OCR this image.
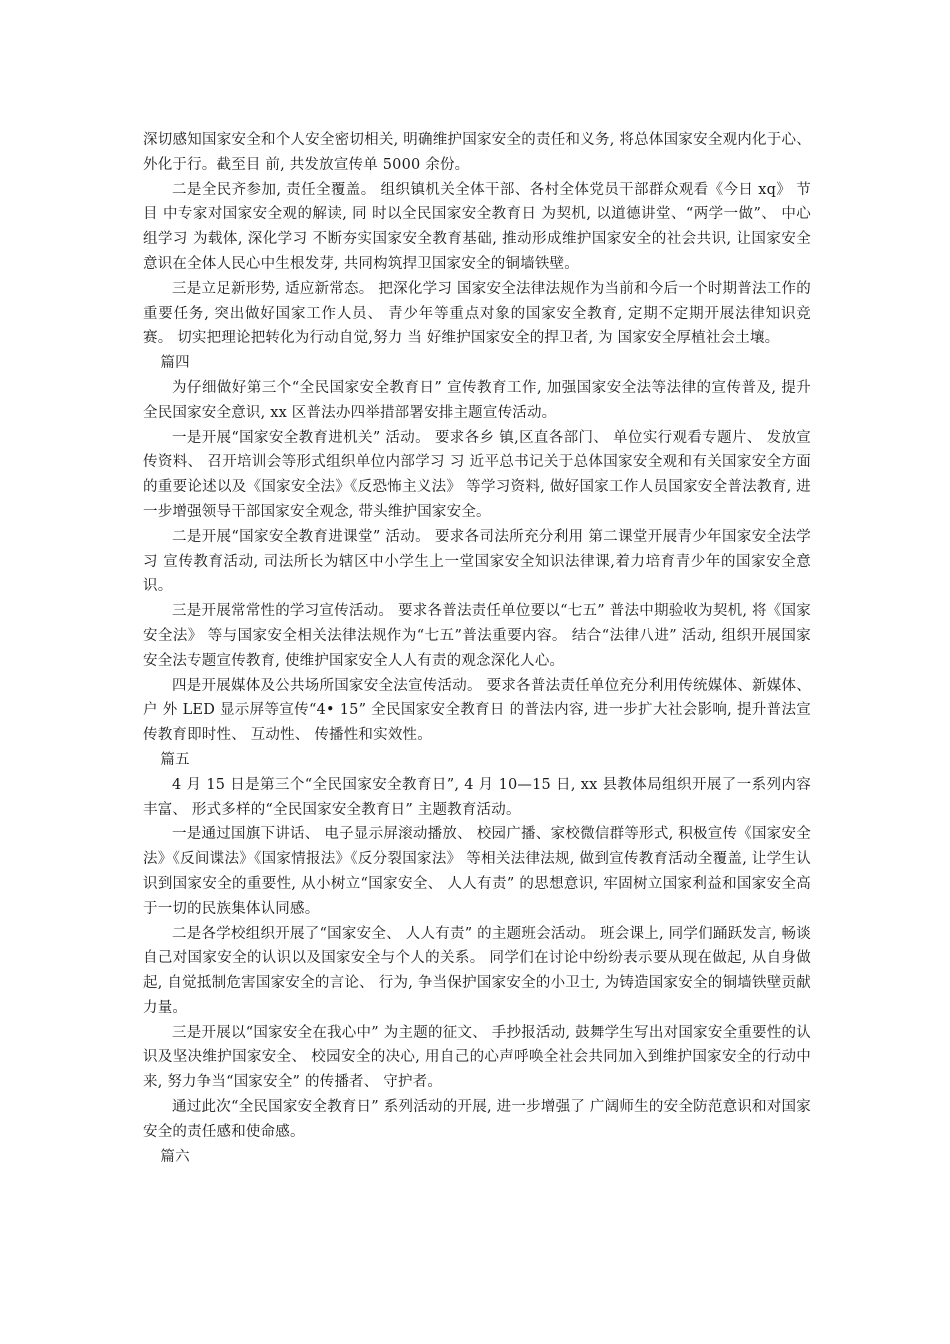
深切感知国家安全和个人安全密切相关, 明确维护国家安全的责任和义务, 将总体国家安全观内化于心、 外化于行。截至目 前, 共发放宣传单 5000 余份。

二是全民齐参加, 责任全覆盖。 组织镇机关全体干部、各村全体党员干部群众观看《今日 xq》 节目 中专家对国家安全观的解读, 同 时以全民国家安全教育日 为契机, 以道德讲堂、“两学一做”、 中心组学习 为载体, 深化学习 不断夯实国家安全教育基础, 推动形成维护国家安全的社会共识, 让国家安全意识在全体人民心中生根发芽, 共同构筑捍卫国家安全的铜墙铁壁。

三是立足新形势, 适应新常态。 把深化学习 国家安全法律法规作为当前和今后一个时期普法工作的重要任务, 突出做好国家工作人员、 青少年等重点对象的国家安全教育, 定期不定期开展法律知识竞赛。 切实把理论把转化为行动自觉,努力 当 好维护国家安全的捍卫者, 为 国家安全厚植社会土壤。

篇四

为仔细做好第三个“全民国家安全教育日” 宣传教育工作, 加强国家安全法等法律的宣传普及, 提升全民国家安全意识, xx 区普法办四举措部署安排主题宣传活动。

一是开展“国家安全教育进机关” 活动。 要求各乡 镇,区直各部门、 单位实行观看专题片、 发放宣传资料、 召开培训会等形式组织单位内部学习 习 近平总书记关于总体国家安全观和有关国家安全方面的重要论述以及《国家安全法》《反恐怖主义法》 等学习资料, 做好国家工作人员国家安全普法教育, 进一步增强领导干部国家安全观念, 带头维护国家安全。

二是开展“国家安全教育进课堂” 活动。 要求各司法所充分利用 第二课堂开展青少年国家安全法学习 宣传教育活动, 司法所长为辖区中小学生上一堂国家安全知识法律课,着力培育青少年的国家安全意识。

三是开展常常性的学习宣传活动。 要求各普法责任单位要以“七五” 普法中期验收为契机, 将《国家安全法》 等与国家安全相关法律法规作为“七五”普法重要内容。 结合“法律八进” 活动, 组织开展国家安全法专题宣传教育, 使维护国家安全人人有责的观念深化人心。

四是开展媒体及公共场所国家安全法宣传活动。 要求各普法责任单位充分利用传统媒体、新媒体、 户 外 LED 显示屏等宣传“4• 15” 全民国家安全教育日 的普法内容, 进一步扩大社会影响, 提升普法宣传教育即时性、 互动性、 传播性和实效性。

篇五

4 月 15 日是第三个“全民国家安全教育日”, 4 月 10—15 日, xx 县教体局组织开展了一系列内容丰富、 形式多样的“全民国家安全教育日” 主题教育活动。

一是通过国旗下讲话、 电子显示屏滚动播放、 校园广播、家校微信群等形式, 积极宣传《国家安全法》《反间谍法》《国家情报法》《反分裂国家法》 等相关法律法规, 做到宣传教育活动全覆盖, 让学生认识到国家安全的重要性, 从小树立“国家安全、 人人有责” 的思想意识, 牢固树立国家利益和国家安全高于一切的民族集体认同感。

二是各学校组织开展了“国家安全、 人人有责” 的主题班会活动。 班会课上, 同学们踊跃发言, 畅谈自己对国家安全的认识以及国家安全与个人的关系。 同学们在讨论中纷纷表示要从现在做起, 从自身做起, 自觉抵制危害国家安全的言论、 行为, 争当保护国家安全的小卫士, 为铸造国家安全的铜墙铁壁贡献力量。

三是开展以“国家安全在我心中” 为主题的征文、 手抄报活动, 鼓舞学生写出对国家安全重要性的认识及坚决维护国家安全、 校园安全的决心, 用自己的心声呼唤全社会共同加入到维护国家安全的行动中来, 努力争当“国家安全” 的传播者、 守护者。

通过此次“全民国家安全教育日” 系列活动的开展, 进一步增强了 广阔师生的安全防范意识和对国家安全的责任感和使命感。

篇六
